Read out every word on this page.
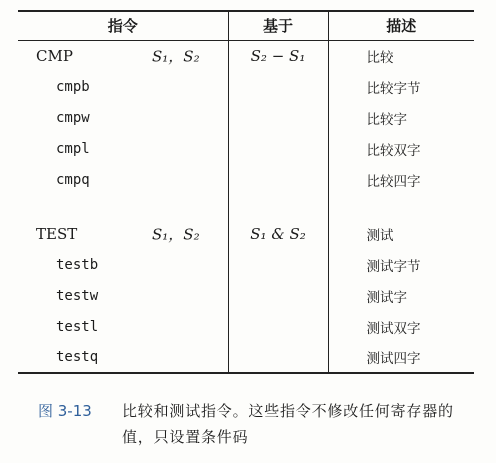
指令	基于	描述

CMP S₁，S₂	S₂ − S₁	比较

cmpb		比较字节

cmpw		比较字

cmpl		比较双字

cmpq		比较四字

TEST S₁，S₂	S₁ & S₂	测试

testb		测试字节

testw		测试字

testl		测试双字

testq		测试四字
图 3-13	比较和测试指令。这些指令不修改任何寄存器的值，只设置条件码
